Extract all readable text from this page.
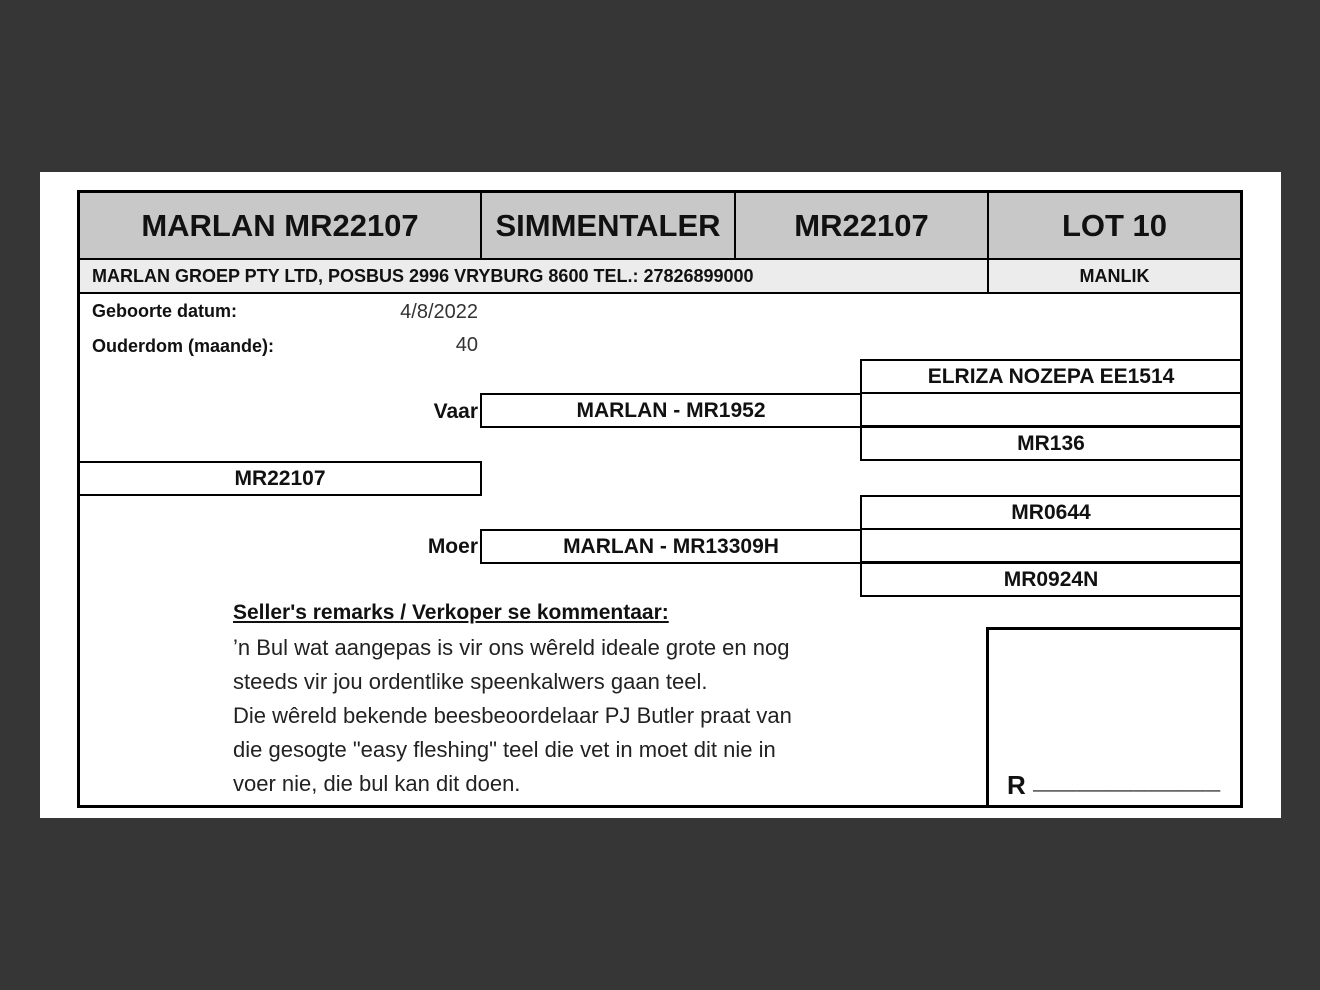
MARLAN MR22107	SIMMENTALER	MR22107	LOT 10
MARLAN GROEP PTY LTD, POSBUS 2996 VRYBURG 8600 TEL.: 27826899000	MANLIK
Geboorte datum:	4/8/2022
Ouderdom (maande):	40
ELRIZA NOZEPA EE1514
MR136
Vaar	MARLAN - MR1952
MR22107
MR0644
MR0924N
Moer	MARLAN - MR13309H
Seller's remarks / Verkoper se kommentaar:
’n Bul wat aangepas is vir ons wêreld ideale grote en nog
steeds vir jou ordentlike speenkalwers gaan teel.
Die wêreld bekende beesbeoordelaar PJ Butler praat van
die gesogte "easy fleshing" teel die vet in moet dit nie in
voer nie, die bul kan dit doen.	R _____________
